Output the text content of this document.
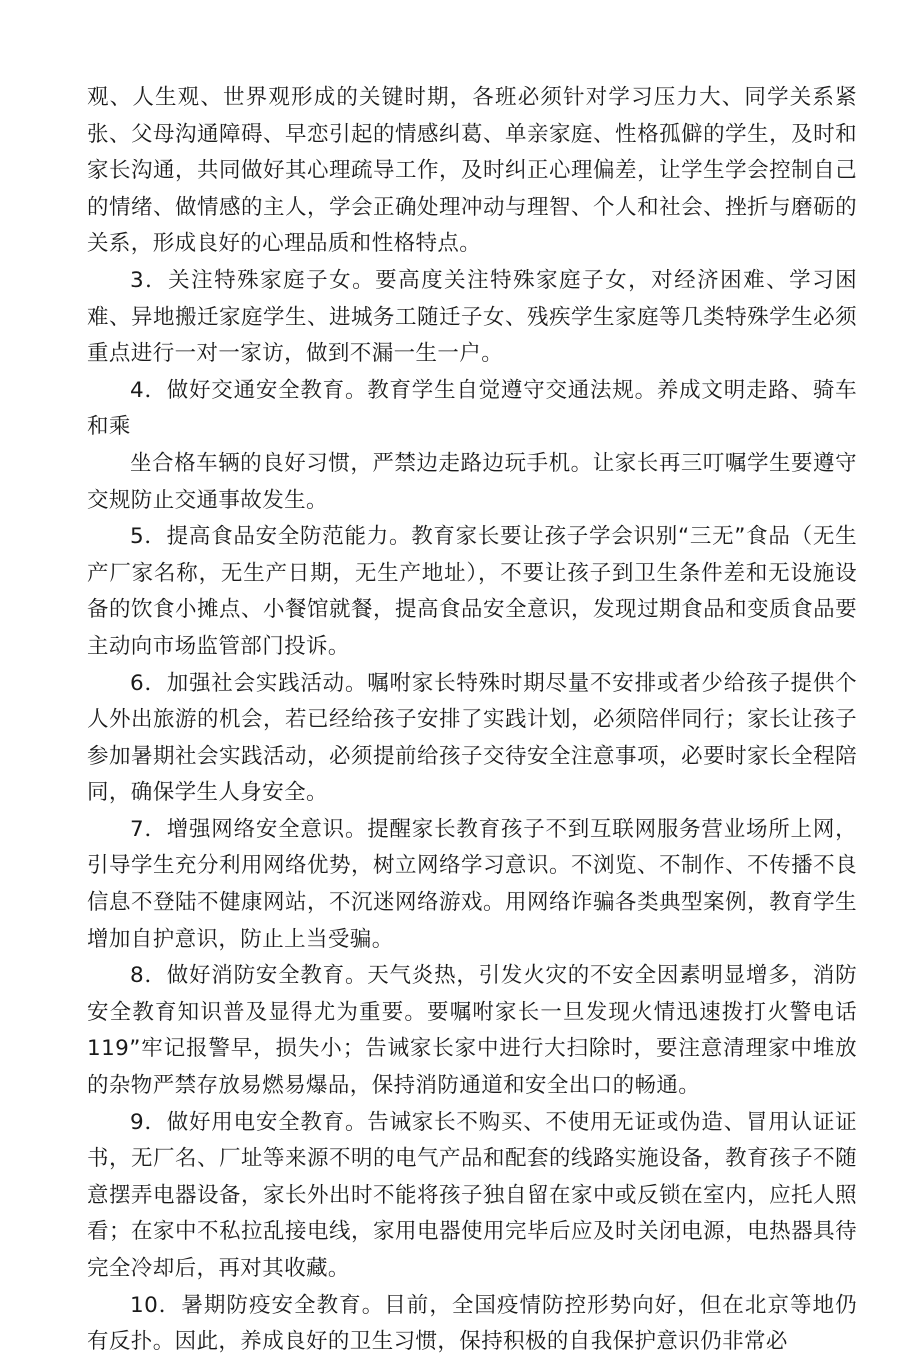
观、人生观、世界观形成的关键时期，各班必须针对学习压力大、同学关系紧张、父母沟通障碍、早恋引起的情感纠葛、单亲家庭、性格孤僻的学生，及时和家长沟通，共同做好其心理疏导工作，及时纠正心理偏差，让学生学会控制自己的情绪、做情感的主人，学会正确处理冲动与理智、个人和社会、挫折与磨砺的关系，形成良好的心理品质和性格特点。

3．关注特殊家庭子女。要高度关注特殊家庭子女，对经济困难、学习困难、异地搬迁家庭学生、进城务工随迁子女、残疾学生家庭等几类特殊学生必须重点进行一对一家访，做到不漏一生一户。

4．做好交通安全教育。教育学生自觉遵守交通法规。养成文明走路、骑车和乘

坐合格车辆的良好习惯，严禁边走路边玩手机。让家长再三叮嘱学生要遵守交规防止交通事故发生。

5．提高食品安全防范能力。教育家长要让孩子学会识别“三无”食品（无生产厂家名称，无生产日期，无生产地址），不要让孩子到卫生条件差和无设施设备的饮食小摊点、小餐馆就餐，提高食品安全意识，发现过期食品和变质食品要主动向市场监管部门投诉。

6．加强社会实践活动。嘱咐家长特殊时期尽量不安排或者少给孩子提供个人外出旅游的机会，若已经给孩子安排了实践计划，必须陪伴同行；家长让孩子参加暑期社会实践活动，必须提前给孩子交待安全注意事项，必要时家长全程陪同，确保学生人身安全。

7．增强网络安全意识。提醒家长教育孩子不到互联网服务营业场所上网，引导学生充分利用网络优势，树立网络学习意识。不浏览、不制作、不传播不良信息不登陆不健康网站，不沉迷网络游戏。用网络诈骗各类典型案例，教育学生增加自护意识，防止上当受骗。

8．做好消防安全教育。天气炎热，引发火灾的不安全因素明显增多，消防安全教育知识普及显得尤为重要。要嘱咐家长一旦发现火情迅速拨打火警电话119”牢记报警早，损失小；告诫家长家中进行大扫除时，要注意清理家中堆放的杂物严禁存放易燃易爆品，保持消防通道和安全出口的畅通。

9．做好用电安全教育。告诫家长不购买、不使用无证或伪造、冒用认证证书，无厂名、厂址等来源不明的电气产品和配套的线路实施设备，教育孩子不随意摆弄电器设备，家长外出时不能将孩子独自留在家中或反锁在室内，应托人照看；在家中不私拉乱接电线，家用电器使用完毕后应及时关闭电源，电热器具待完全冷却后，再对其收藏。

10．暑期防疫安全教育。目前，全国疫情防控形势向好，但在北京等地仍有反扑。因此，养成良好的卫生习惯，保持积极的自我保护意识仍非常必
